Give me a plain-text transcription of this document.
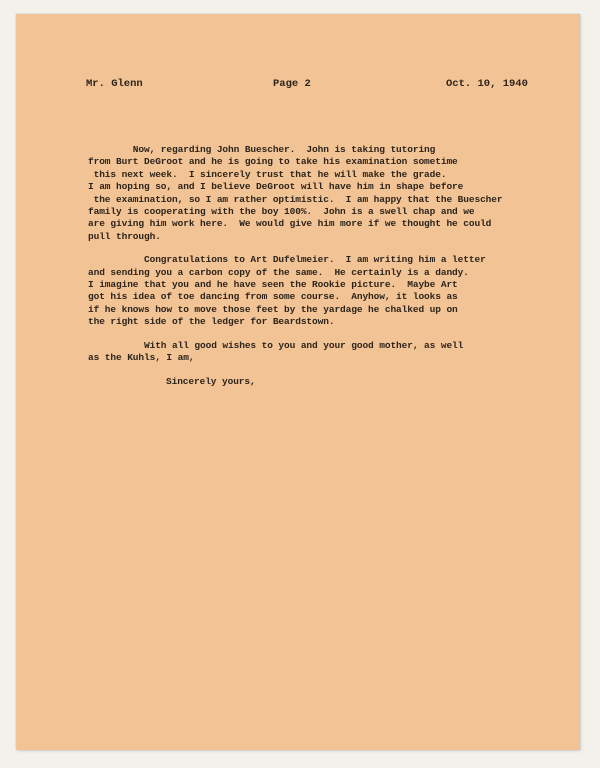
Mr. Glenn	Page 2	Oct. 10, 1940
Now, regarding John Buescher.  John is taking tutoring
from Burt DeGroot and he is going to take his examination sometime
this next week.  I sincerely trust that he will make the grade.
I am hoping so, and I believe DeGroot will have him in shape before
the examination, so I am rather optimistic.  I am happy that the Buescher
family is cooperating with the boy 100%.  John is a swell chap and we
are giving him work here.  We would give him more if we thought he could
pull through.
Congratulations to Art Dufelmeier.  I am writing him a letter
and sending you a carbon copy of the same.  He certainly is a dandy.
I imagine that you and he have seen the Rookie picture.  Maybe Art
got his idea of toe dancing from some course.  Anyhow, it looks as
if he knows how to move those feet by the yardage he chalked up on
the right side of the ledger for Beardstown.
With all good wishes to you and your good mother, as well
as the Kuhls, I am,
Sincerely yours,
